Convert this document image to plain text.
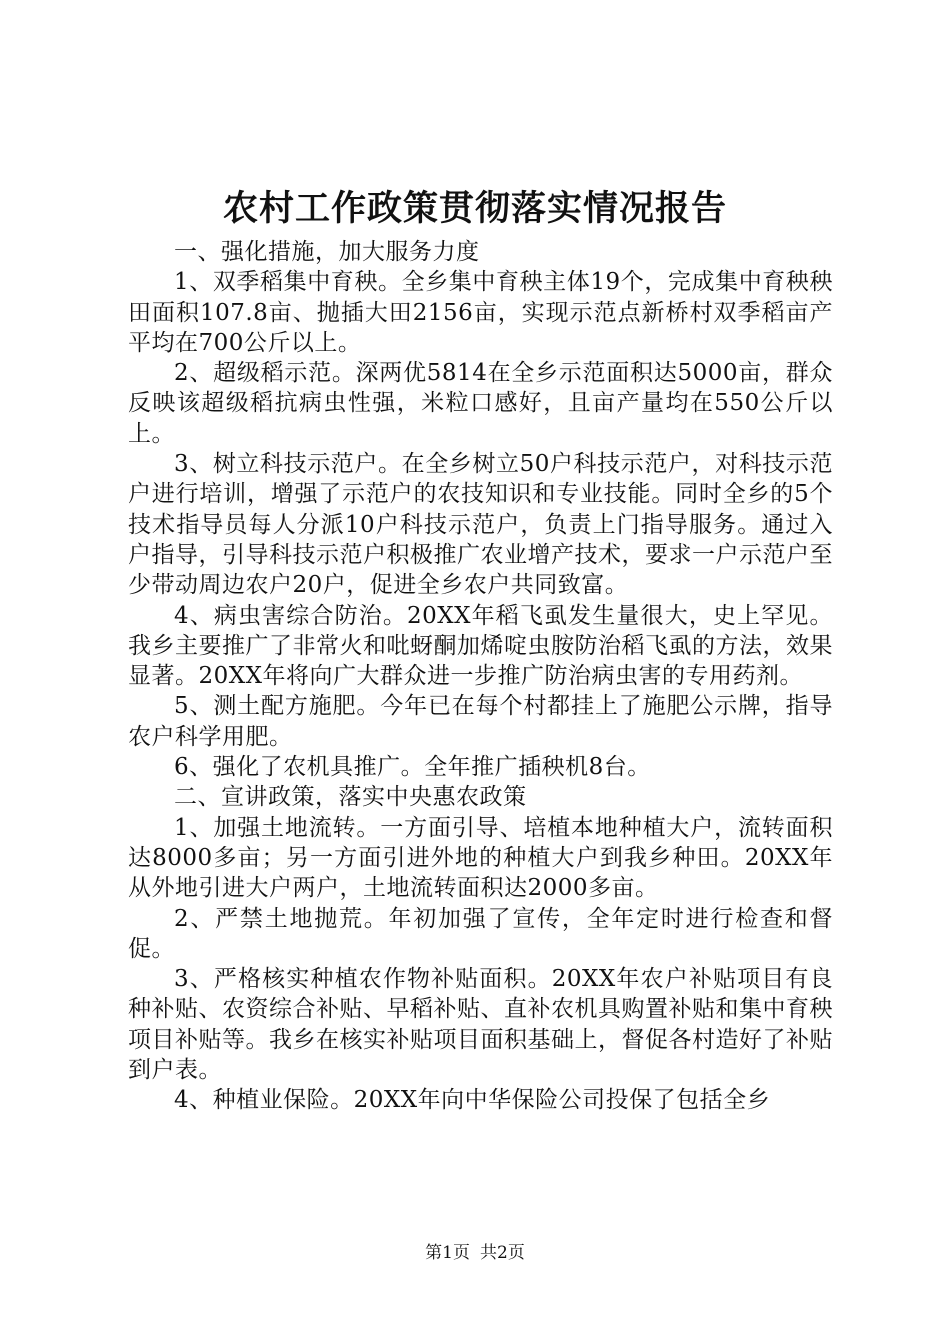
农村工作政策贯彻落实情况报告

一、强化措施，加大服务力度

1、双季稻集中育秧。全乡集中育秧主体19个，完成集中育秧秧田面积107.8亩、抛插大田2156亩，实现示范点新桥村双季稻亩产平均在700公斤以上。

2、超级稻示范。深两优5814在全乡示范面积达5000亩，群众反映该超级稻抗病虫性强，米粒口感好，且亩产量均在550公斤以上。

3、树立科技示范户。在全乡树立50户科技示范户，对科技示范户进行培训，增强了示范户的农技知识和专业技能。同时全乡的5个技术指导员每人分派10户科技示范户，负责上门指导服务。通过入户指导，引导科技示范户积极推广农业增产技术，要求一户示范户至少带动周边农户20户，促进全乡农户共同致富。

4、病虫害综合防治。20XX年稻飞虱发生量很大，史上罕见。我乡主要推广了非常火和吡蚜酮加烯啶虫胺防治稻飞虱的方法，效果显著。20XX年将向广大群众进一步推广防治病虫害的专用药剂。

5、测土配方施肥。今年已在每个村都挂上了施肥公示牌，指导农户科学用肥。

6、强化了农机具推广。全年推广插秧机8台。

二、宣讲政策，落实中央惠农政策

1、加强土地流转。一方面引导、培植本地种植大户，流转面积达8000多亩；另一方面引进外地的种植大户到我乡种田。20XX年从外地引进大户两户，土地流转面积达2000多亩。

2、严禁土地抛荒。年初加强了宣传，全年定时进行检查和督促。

3、严格核实种植农作物补贴面积。20XX年农户补贴项目有良种补贴、农资综合补贴、早稻补贴、直补农机具购置补贴和集中育秧项目补贴等。我乡在核实补贴项目面积基础上，督促各村造好了补贴到户表。

4、种植业保险。20XX年向中华保险公司投保了包括全乡

第1页 共2页
